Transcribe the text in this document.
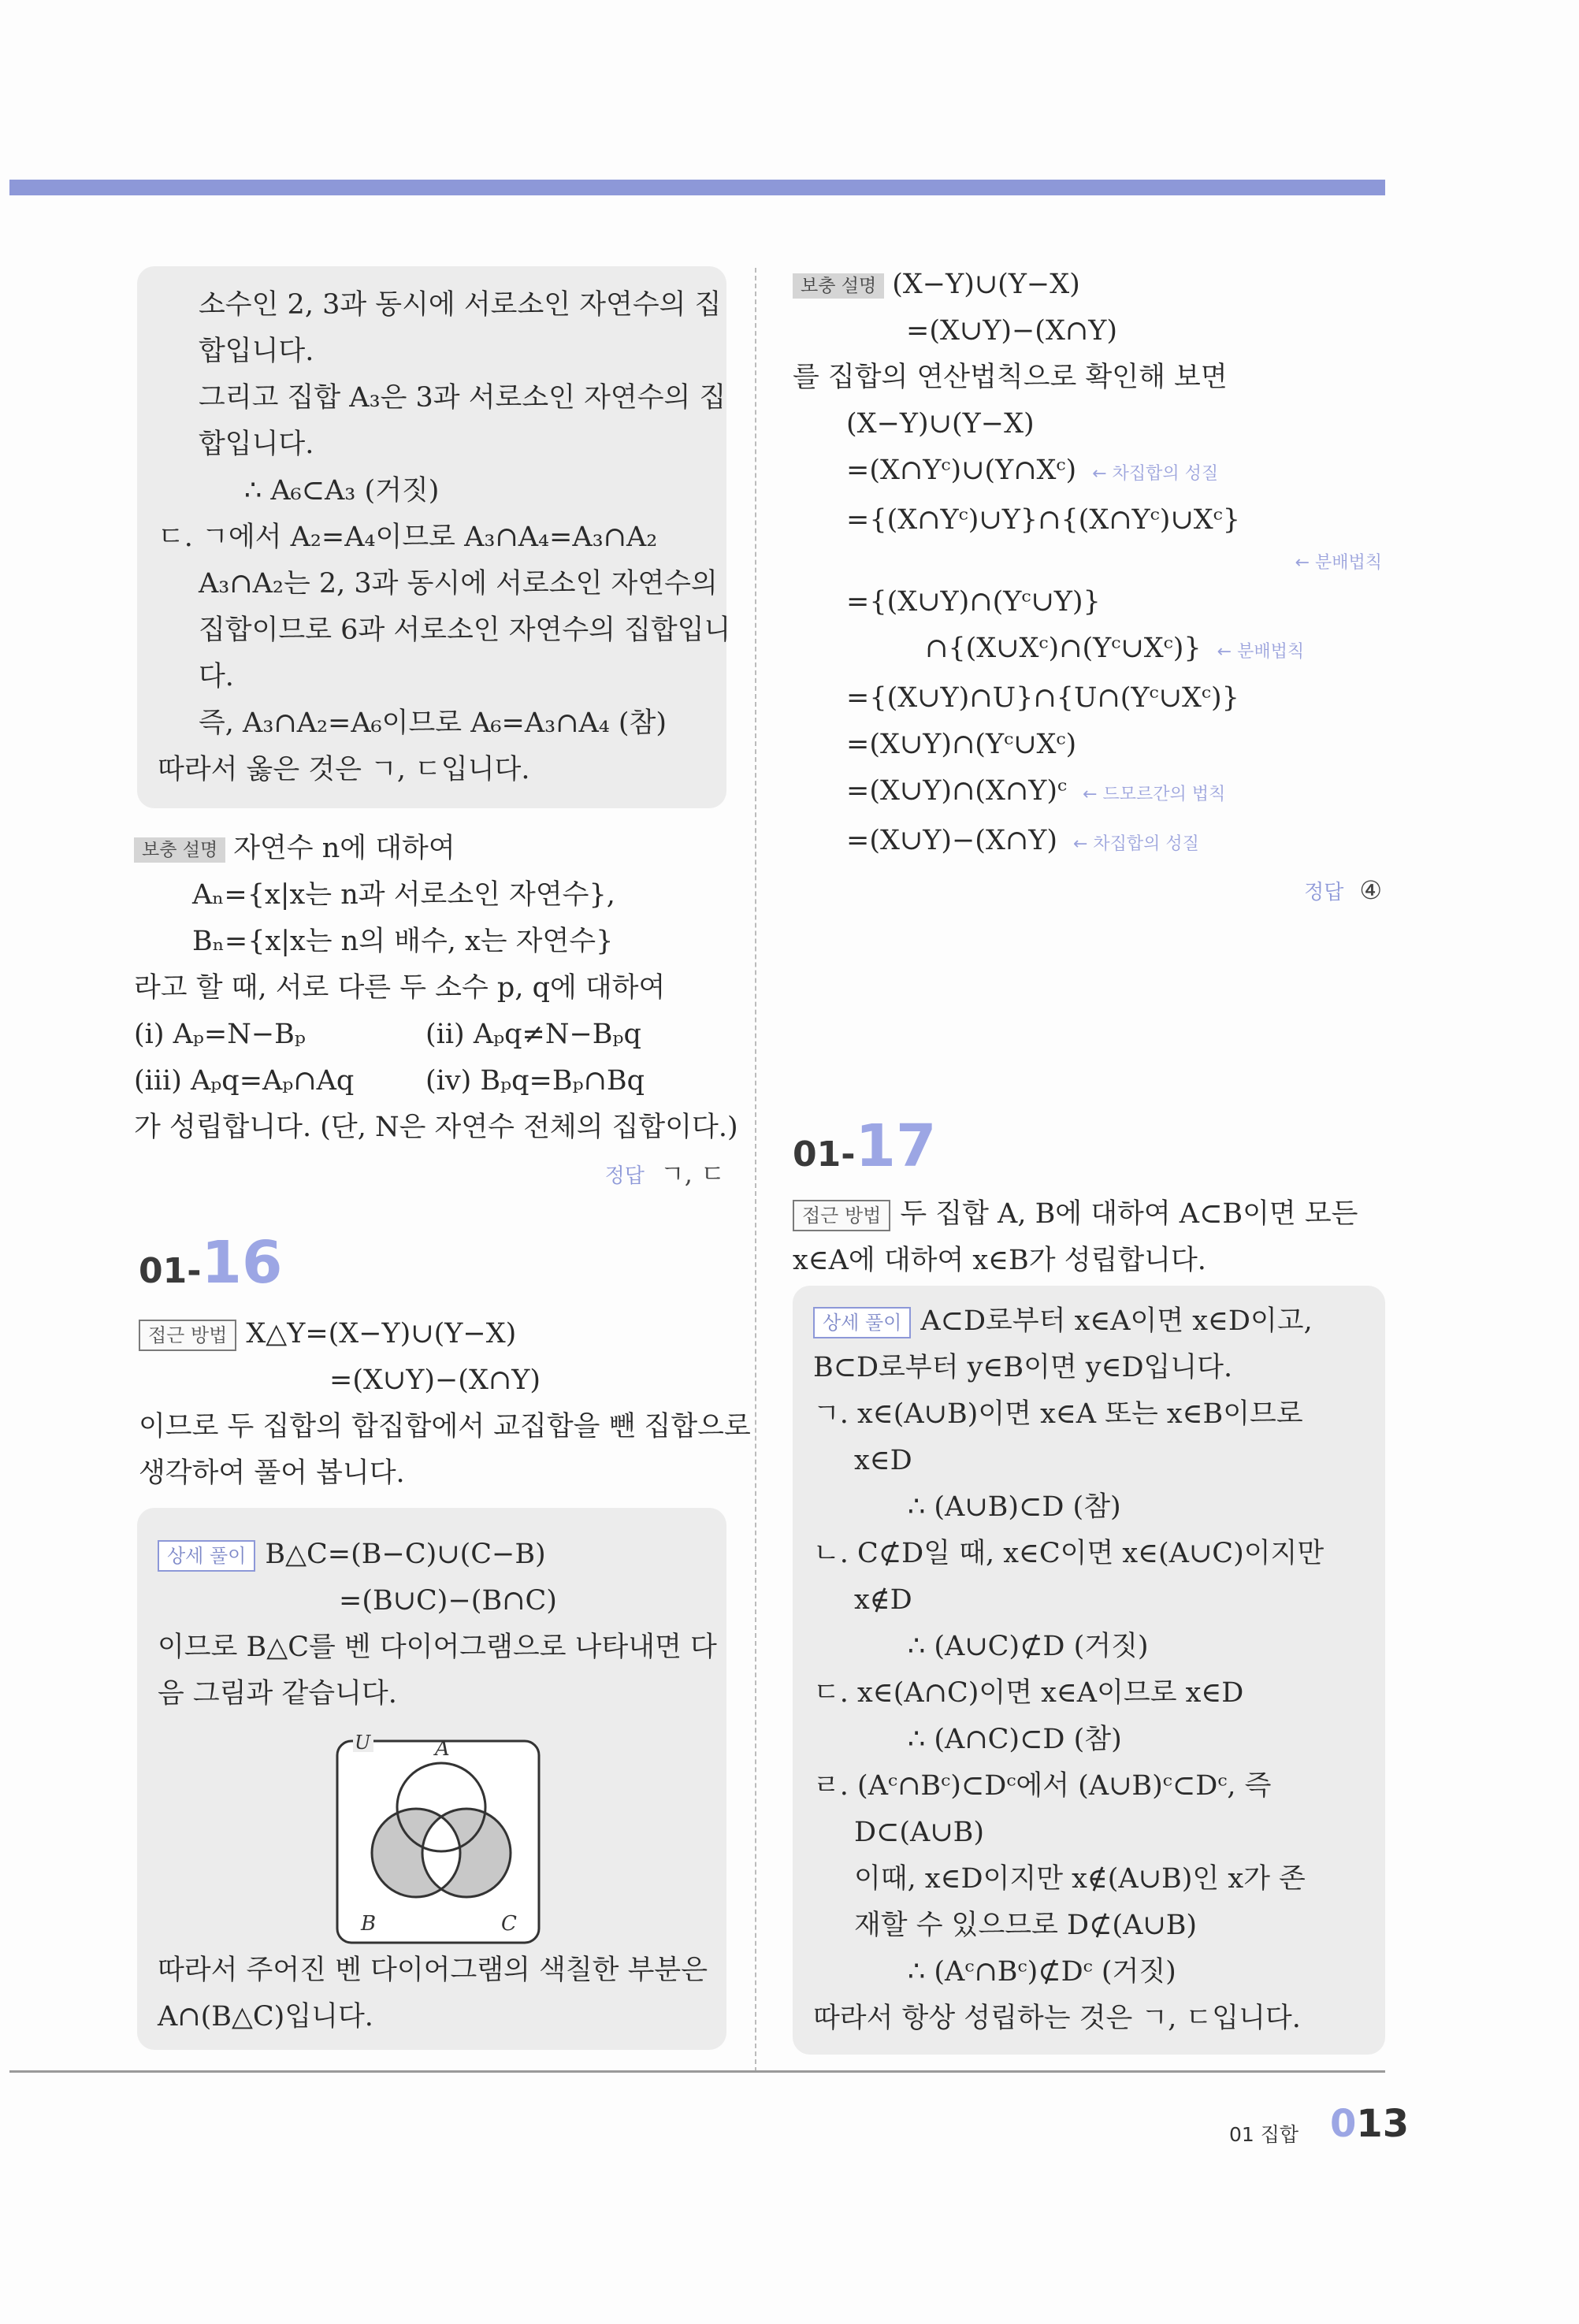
소수인 2, 3과 동시에 서로소인 자연수의 집
합입니다.
그리고 집합 A₃은 3과 서로소인 자연수의 집
합입니다.
∴ A₆⊂A₃ (거짓)
ㄷ. ㄱ에서 A₂=A₄이므로 A₃∩A₄=A₃∩A₂
A₃∩A₂는 2, 3과 동시에 서로소인 자연수의
집합이므로 6과 서로소인 자연수의 집합입니
다.
즉, A₃∩A₂=A₆이므로 A₆=A₃∩A₄ (참)
따라서 옳은 것은 ㄱ, ㄷ입니다.
보충 설명 자연수 n에 대하여
Aₙ={x|x는 n과 서로소인 자연수},
Bₙ={x|x는 n의 배수, x는 자연수}
라고 할 때, 서로 다른 두 소수 p, q에 대하여
(i) Aₚ=N−Bₚ	(ii) Aₚq≠N−Bₚq
(iii) Aₚq=Aₚ∩Aq	(iv) Bₚq=Bₚ∩Bq
가 성립합니다. (단, N은 자연수 전체의 집합이다.)
정답 ㄱ, ㄷ
01-16
접근 방법 X△Y=(X−Y)∪(Y−X)
=(X∪Y)−(X∩Y)
이므로 두 집합의 합집합에서 교집합을 뺀 집합으로
생각하여 풀어 봅니다.
상세 풀이 B△C=(B−C)∪(C−B)
=(B∪C)−(B∩C)
이므로 B△C를 벤 다이어그램으로 나타내면 다
음 그림과 같습니다.
U	A
B	C
따라서 주어진 벤 다이어그램의 색칠한 부분은
A∩(B△C)입니다.
보충 설명 (X−Y)∪(Y−X)
=(X∪Y)−(X∩Y)
를 집합의 연산법칙으로 확인해 보면
(X−Y)∪(Y−X)
=(X∩Yᶜ)∪(Y∩Xᶜ) ← 차집합의 성질
={(X∩Yᶜ)∪Y}∩{(X∩Yᶜ)∪Xᶜ}
← 분배법칙
={(X∪Y)∩(Yᶜ∪Y)}
∩{(X∪Xᶜ)∩(Yᶜ∪Xᶜ)} ← 분배법칙
={(X∪Y)∩U}∩{U∩(Yᶜ∪Xᶜ)}
=(X∪Y)∩(Yᶜ∪Xᶜ)
=(X∪Y)∩(X∩Y)ᶜ ← 드모르간의 법칙
=(X∪Y)−(X∩Y) ← 차집합의 성질
정답 ④
01-17
접근 방법 두 집합 A, B에 대하여 A⊂B이면 모든
x∈A에 대하여 x∈B가 성립합니다.
상세 풀이 A⊂D로부터 x∈A이면 x∈D이고,
B⊂D로부터 y∈B이면 y∈D입니다.
ㄱ. x∈(A∪B)이면 x∈A 또는 x∈B이므로
x∈D
∴ (A∪B)⊂D (참)
ㄴ. C⊄D일 때, x∈C이면 x∈(A∪C)이지만
x∉D
∴ (A∪C)⊄D (거짓)
ㄷ. x∈(A∩C)이면 x∈A이므로 x∈D
∴ (A∩C)⊂D (참)
ㄹ. (Aᶜ∩Bᶜ)⊂Dᶜ에서 (A∪B)ᶜ⊂Dᶜ, 즉
D⊂(A∪B)
이때, x∈D이지만 x∉(A∪B)인 x가 존
재할 수 있으므로 D⊄(A∪B)
∴ (Aᶜ∩Bᶜ)⊄Dᶜ (거짓)
따라서 항상 성립하는 것은 ㄱ, ㄷ입니다.
01 집합 013
